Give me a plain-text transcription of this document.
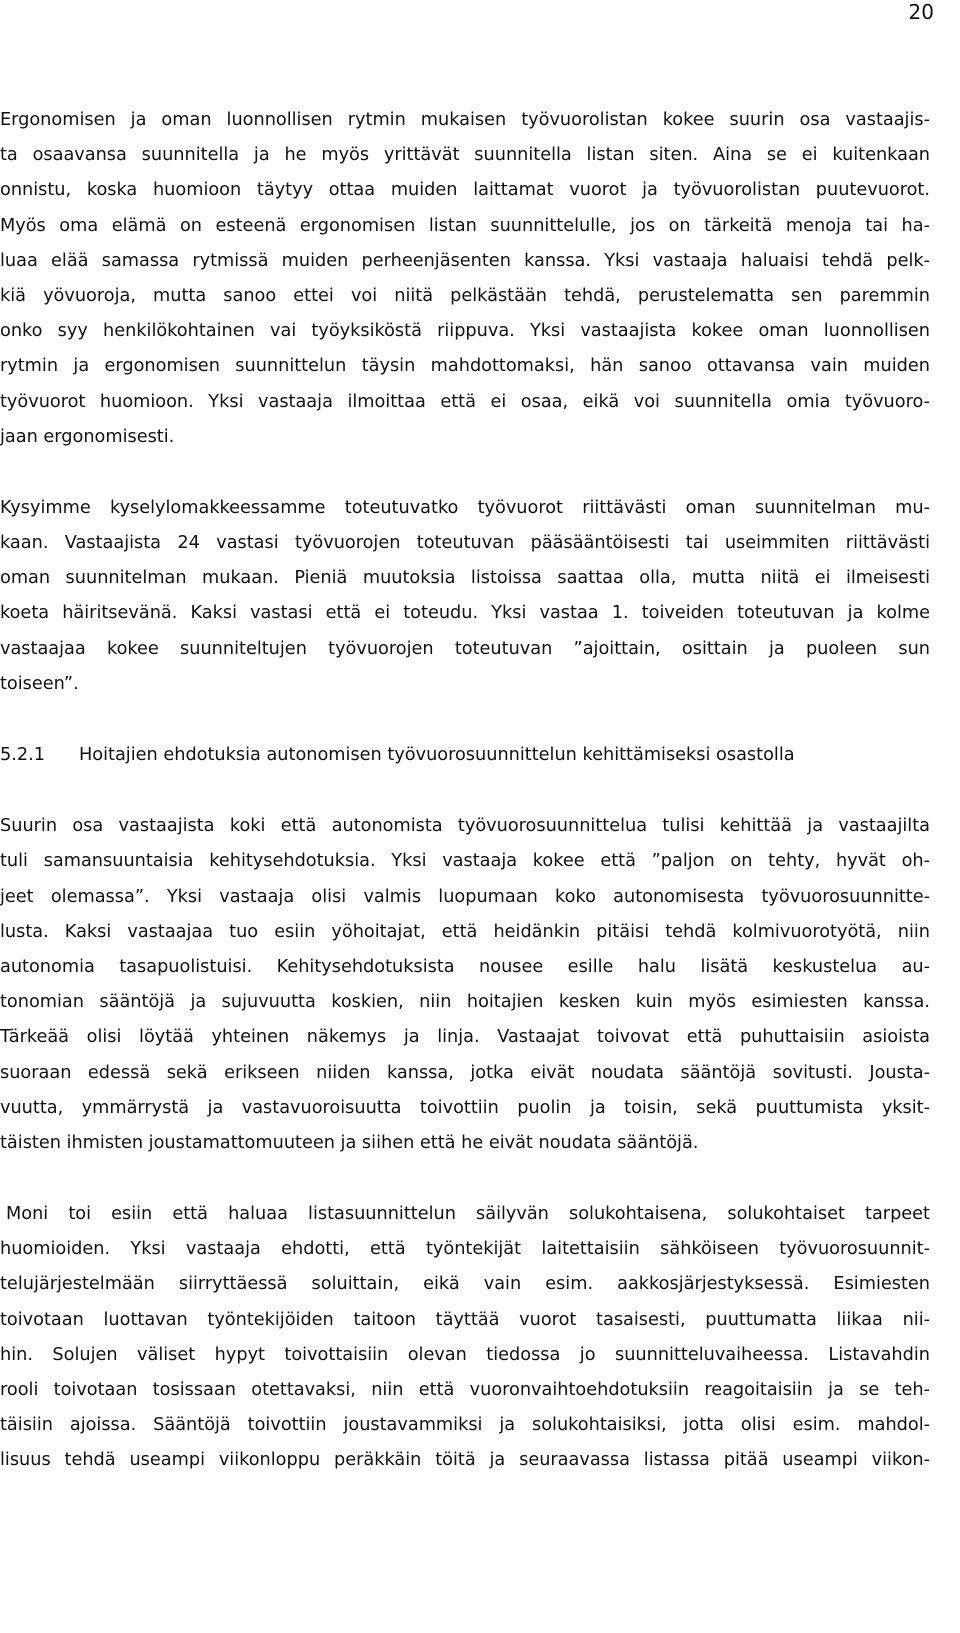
20
Ergonomisen ja oman luonnollisen rytmin mukaisen työvuorolistan kokee suurin osa vastaajis-
ta osaavansa suunnitella ja he myös yrittävät suunnitella listan siten. Aina se ei kuitenkaan
onnistu, koska huomioon täytyy ottaa muiden laittamat vuorot ja työvuorolistan puutevuorot.
Myös oma elämä on esteenä ergonomisen listan suunnittelulle, jos on tärkeitä menoja tai ha-
luaa elää samassa rytmissä muiden perheenjäsenten kanssa. Yksi vastaaja haluaisi tehdä pelk-
kiä yövuoroja, mutta sanoo ettei voi niitä pelkästään tehdä, perustelematta sen paremmin
onko syy henkilökohtainen vai työyksiköstä riippuva. Yksi vastaajista kokee oman luonnollisen
rytmin ja ergonomisen suunnittelun täysin mahdottomaksi, hän sanoo ottavansa vain muiden
työvuorot huomioon. Yksi vastaaja ilmoittaa että ei osaa, eikä voi suunnitella omia työvuoro-
jaan ergonomisesti.
Kysyimme kyselylomakkeessamme toteutuvatko työvuorot riittävästi oman suunnitelman mu-
kaan. Vastaajista 24 vastasi työvuorojen toteutuvan pääsääntöisesti tai useimmiten riittävästi
oman suunnitelman mukaan. Pieniä muutoksia listoissa saattaa olla, mutta niitä ei ilmeisesti
koeta häiritsevänä. Kaksi vastasi että ei toteudu. Yksi vastaa 1. toiveiden toteutuvan ja kolme
vastaajaa kokee suunniteltujen työvuorojen toteutuvan ”ajoittain, osittain ja puoleen sun
toiseen”.
5.2.1	Hoitajien ehdotuksia autonomisen työvuorosuunnittelun kehittämiseksi osastolla
Suurin osa vastaajista koki että autonomista työvuorosuunnittelua tulisi kehittää ja vastaajilta
tuli samansuuntaisia kehitysehdotuksia. Yksi vastaaja kokee että ”paljon on tehty, hyvät oh-
jeet olemassa”. Yksi vastaaja olisi valmis luopumaan koko autonomisesta työvuorosuunnitte-
lusta. Kaksi vastaajaa tuo esiin yöhoitajat, että heidänkin pitäisi tehdä kolmivuorotyötä, niin
autonomia tasapuolistuisi. Kehitysehdotuksista nousee esille halu lisätä keskustelua au-
tonomian sääntöjä ja sujuvuutta koskien, niin hoitajien kesken kuin myös esimiesten kanssa.
Tärkeää olisi löytää yhteinen näkemys ja linja. Vastaajat toivovat että puhuttaisiin asioista
suoraan edessä sekä erikseen niiden kanssa, jotka eivät noudata sääntöjä sovitusti. Jousta-
vuutta, ymmärrystä ja vastavuoroisuutta toivottiin puolin ja toisin, sekä puuttumista yksit-
täisten ihmisten joustamattomuuteen ja siihen että he eivät noudata sääntöjä.
Moni toi esiin että haluaa listasuunnittelun säilyvän solukohtaisena, solukohtaiset tarpeet
huomioiden. Yksi vastaaja ehdotti, että työntekijät laitettaisiin sähköiseen työvuorosuunnit-
telujärjestelmään siirryttäessä soluittain, eikä vain esim. aakkosjärjestyksessä. Esimiesten
toivotaan luottavan työntekijöiden taitoon täyttää vuorot tasaisesti, puuttumatta liikaa nii-
hin. Solujen väliset hypyt toivottaisiin olevan tiedossa jo suunnitteluvaiheessa. Listavahdin
rooli toivotaan tosissaan otettavaksi, niin että vuoronvaihtoehdotuksiin reagoitaisiin ja se teh-
täisiin ajoissa. Sääntöjä toivottiin joustavammiksi ja solukohtaisiksi, jotta olisi esim. mahdol-
lisuus tehdä useampi viikonloppu peräkkäin töitä ja seuraavassa listassa pitää useampi viikon-
